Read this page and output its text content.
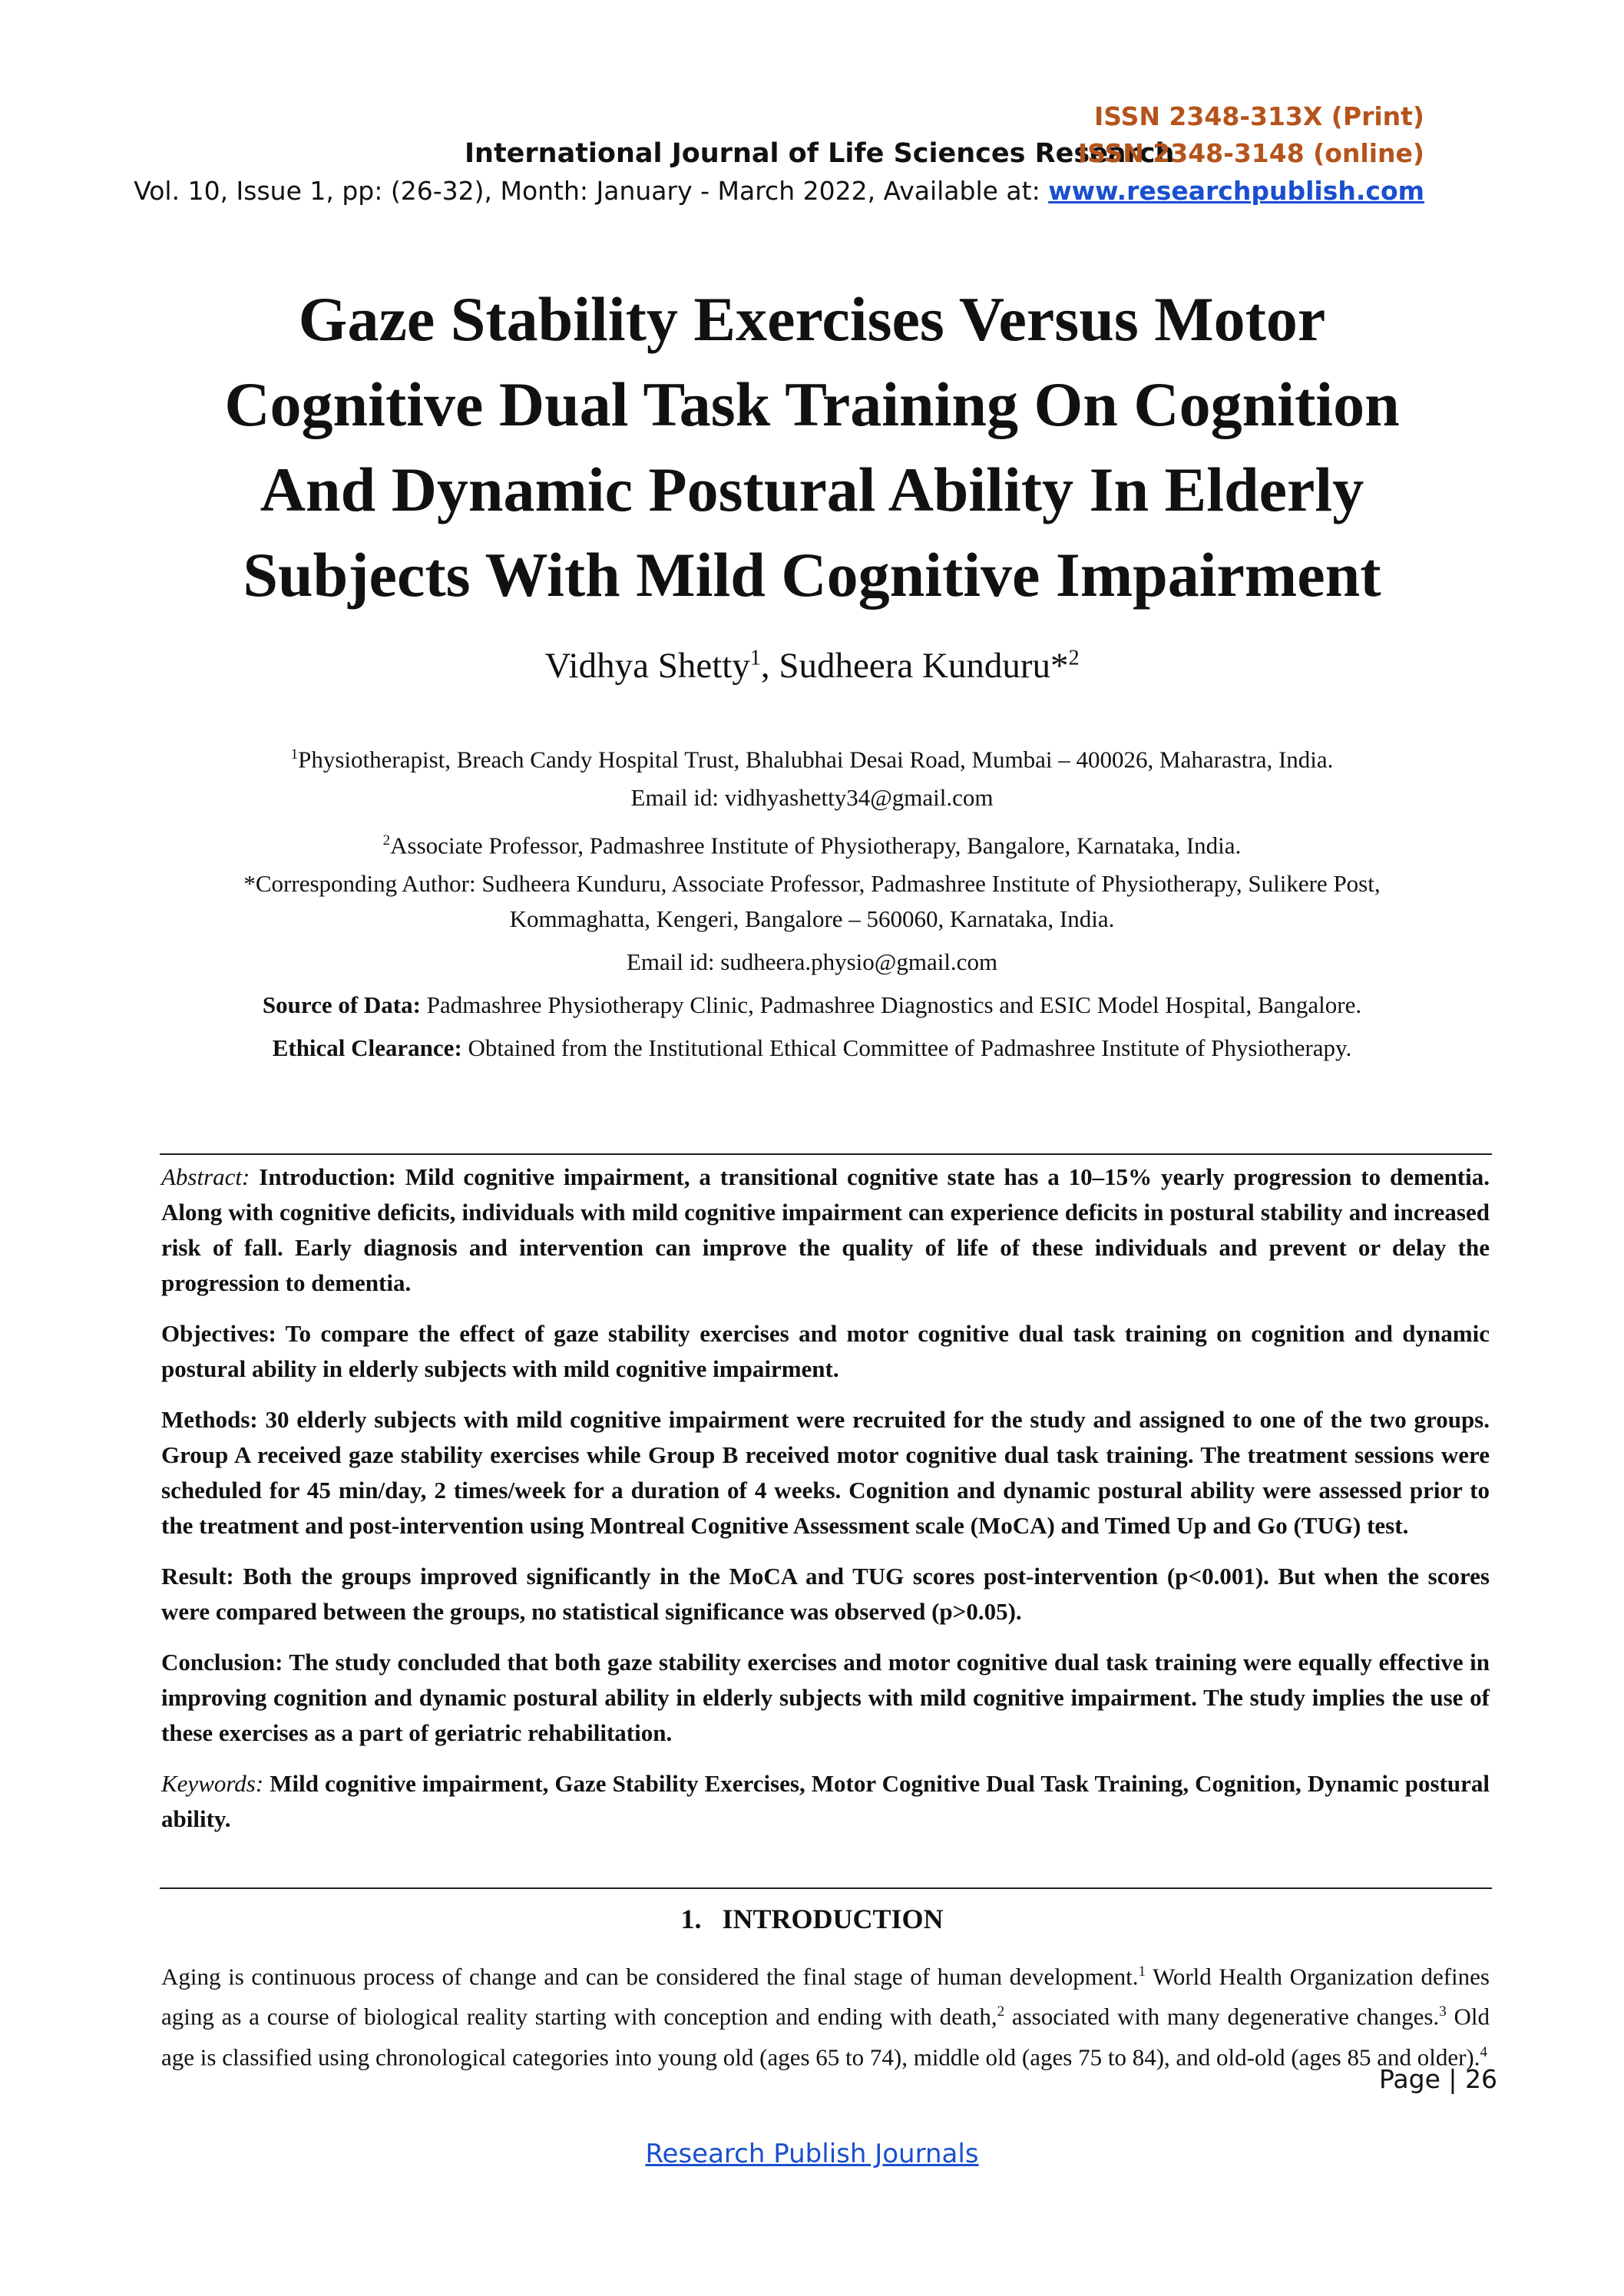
ISSN 2348-313X (Print)
International Journal of Life Sciences Research
ISSN 2348-3148 (online)
Vol. 10, Issue 1, pp: (26-32), Month: January - March 2022, Available at: www.researchpublish.com
Gaze Stability Exercises Versus Motor
Cognitive Dual Task Training On Cognition
And Dynamic Postural Ability In Elderly
Subjects With Mild Cognitive Impairment
Vidhya Shetty$^1$, Sudheera Kunduru*$^2$
$^1$Physiotherapist, Breach Candy Hospital Trust, Bhalubhai Desai Road, Mumbai – 400026, Maharastra, India.
Email id: vidhyashetty34@gmail.com
$^2$Associate Professor, Padmashree Institute of Physiotherapy, Bangalore, Karnataka, India.
*Corresponding Author: Sudheera Kunduru, Associate Professor, Padmashree Institute of Physiotherapy, Sulikere Post,
Kommaghatta, Kengeri, Bangalore – 560060, Karnataka, India.
Email id: sudheera.physio@gmail.com
Source of Data: Padmashree Physiotherapy Clinic, Padmashree Diagnostics and ESIC Model Hospital, Bangalore.
Ethical Clearance: Obtained from the Institutional Ethical Committee of Padmashree Institute of Physiotherapy.

Abstract: Introduction: Mild cognitive impairment, a transitional cognitive state has a 10–15% yearly progression to dementia. Along with cognitive deficits, individuals with mild cognitive impairment can experience deficits in postural stability and increased risk of fall. Early diagnosis and intervention can improve the quality of life of these individuals and prevent or delay the progression to dementia.

Objectives: To compare the effect of gaze stability exercises and motor cognitive dual task training on cognition and dynamic postural ability in elderly subjects with mild cognitive impairment.

Methods: 30 elderly subjects with mild cognitive impairment were recruited for the study and assigned to one of the two groups. Group A received gaze stability exercises while Group B received motor cognitive dual task training. The treatment sessions were scheduled for 45 min/day, 2 times/week for a duration of 4 weeks. Cognition and dynamic postural ability were assessed prior to the treatment and post-intervention using Montreal Cognitive Assessment scale (MoCA) and Timed Up and Go (TUG) test.

Result: Both the groups improved significantly in the MoCA and TUG scores post-intervention (p<0.001). But when the scores were compared between the groups, no statistical significance was observed (p>0.05).

Conclusion: The study concluded that both gaze stability exercises and motor cognitive dual task training were equally effective in improving cognition and dynamic postural ability in elderly subjects with mild cognitive impairment. The study implies the use of these exercises as a part of geriatric rehabilitation.

Keywords: Mild cognitive impairment, Gaze Stability Exercises, Motor Cognitive Dual Task Training, Cognition, Dynamic postural ability.

1.   INTRODUCTION
Aging is continuous process of change and can be considered the final stage of human development.$^1$ World Health Organization defines aging as a course of biological reality starting with conception and ending with death,$^2$ associated with many degenerative changes.$^3$ Old age is classified using chronological categories into young old (ages 65 to 74), middle old (ages 75 to 84), and old-old (ages 85 and older).$^4$
Page | 26
Research Publish Journals
